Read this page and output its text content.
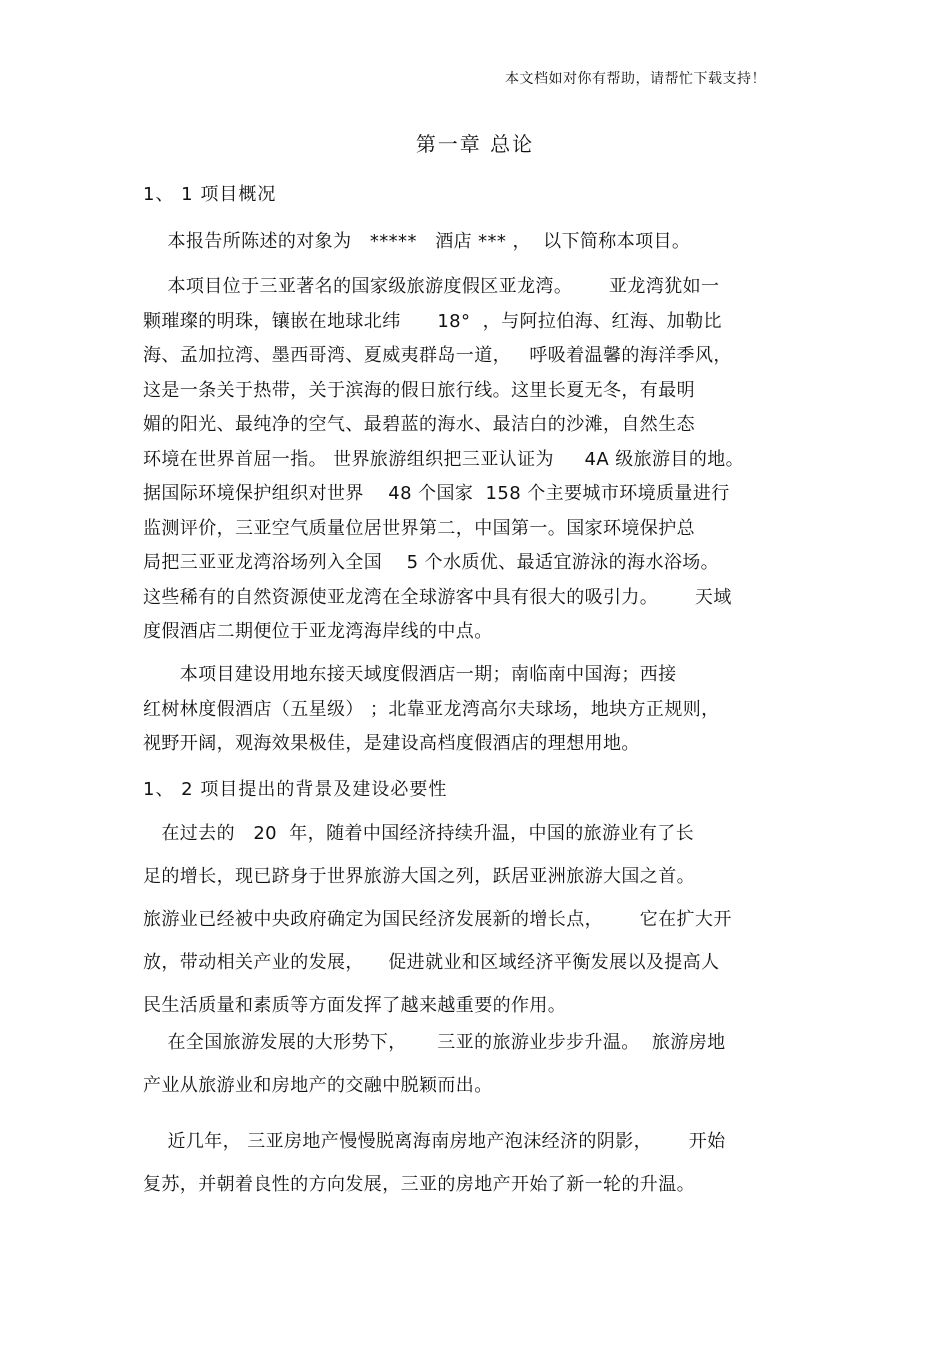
本文档如对你有帮助，请帮忙下载支持！
第一章 总论
1、 1 项目概况
本报告所陈述的对象为   *****   酒店 *** ，  以下简称本项目。
本项目位于三亚著名的国家级旅游度假区亚龙湾。      亚龙湾犹如一
颗璀璨的明珠，镶嵌在地球北纬      18°  ，与阿拉伯海、红海、加勒比
海、孟加拉湾、墨西哥湾、夏威夷群岛一道，   呼吸着温馨的海洋季风，
这是一条关于热带，关于滨海的假日旅行线。这里长夏无冬，有最明
媚的阳光、最纯净的空气、最碧蓝的海水、最洁白的沙滩，自然生态
环境在世界首屈一指。 世界旅游组织把三亚认证为     4A 级旅游目的地。
据国际环境保护组织对世界    48 个国家  158 个主要城市环境质量进行
监测评价，三亚空气质量位居世界第二，中国第一。国家环境保护总
局把三亚亚龙湾浴场列入全国    5 个水质优、最适宜游泳的海水浴场。
这些稀有的自然资源使亚龙湾在全球游客中具有很大的吸引力。      天域
度假酒店二期便位于亚龙湾海岸线的中点。
本项目建设用地东接天域度假酒店一期；南临南中国海；西接
红树林度假酒店（五星级） ；北靠亚龙湾高尔夫球场，地块方正规则，
视野开阔，观海效果极佳，是建设高档度假酒店的理想用地。
1、 2 项目提出的背景及建设必要性
在过去的   20  年，随着中国经济持续升温，中国的旅游业有了长
足的增长，现已跻身于世界旅游大国之列，跃居亚洲旅游大国之首。
旅游业已经被中央政府确定为国民经济发展新的增长点，      它在扩大开
放，带动相关产业的发展，    促进就业和区域经济平衡发展以及提高人
民生活质量和素质等方面发挥了越来越重要的作用。
在全国旅游发展的大形势下，     三亚的旅游业步步升温。  旅游房地
产业从旅游业和房地产的交融中脱颖而出。
近几年， 三亚房地产慢慢脱离海南房地产泡沫经济的阴影，      开始
复苏，并朝着良性的方向发展，三亚的房地产开始了新一轮的升温。
